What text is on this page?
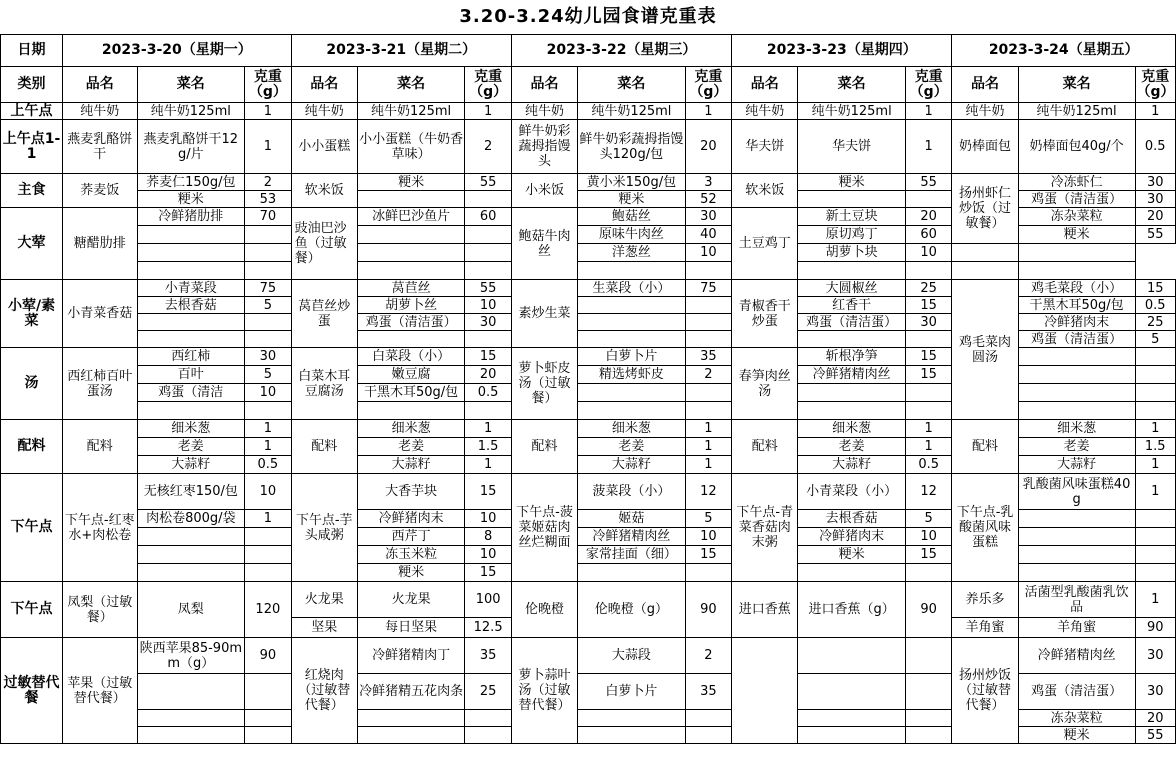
3.20-3.24幼儿园食谱克重表
日期	2023-3-20（星期一）			2023-3-21（星期二）			2023-3-22（星期三）			2023-3-23（星期四）			2023-3-24（星期五）		
类别	品名	菜名	克重（g）	品名	菜名	克重（g）	品名	菜名	克重（g）	品名	菜名	克重（g）	品名	菜名	克重（g）
上午点	纯牛奶	纯牛奶125ml	1	纯牛奶	纯牛奶125ml	1	纯牛奶	纯牛奶125ml	1	纯牛奶	纯牛奶125ml	1	纯牛奶	纯牛奶125ml	1
上午点1-1	燕麦乳酪饼干	燕麦乳酪饼干12g/片	1	小小蛋糕	小小蛋糕（牛奶香草味）	2	鲜牛奶彩蔬拇指馒头	鲜牛奶彩蔬拇指馒头120g/包	20	华夫饼	华夫饼	1	奶棒面包	奶棒面包40g/个	0.5
主食	荞麦饭	荞麦仁150g/包	2	软米饭	粳米	55	小米饭	黄小米150g/包	3	软米饭	粳米	55	扬州虾仁炒饭（过敏餐）	冷冻虾仁	30
		粳米	53					粳米	52					鸡蛋（清洁蛋）	30
大荤	糖醋肋排	冷鲜猪肋排	70	豉油巴沙鱼（过敏餐）	冰鲜巴沙鱼片	60	鲍菇牛肉丝	鲍菇丝	30	土豆鸡丁	新土豆块	20		冻杂菜粒	20
								原味牛肉丝	40		原切鸡丁	60		粳米	55
								洋葱丝	10		胡萝卜块	10			

小荤/素菜	小青菜香菇	小青菜段	75	莴苣丝炒蛋	莴苣丝	55	素炒生菜	生菜段（小）	75	青椒香干炒蛋	大圆椒丝	25	鸡毛菜肉圆汤	鸡毛菜段（小）	15
		去根香菇	5		胡萝卜丝	10					红香干	15		干黑木耳50g/包	0.5
					鸡蛋（清洁蛋）	30					鸡蛋（清洁蛋）	30		冷鲜猪肉末	25
														鸡蛋（清洁蛋）	5
汤	西红柿百叶蛋汤	西红柿	30	白菜木耳豆腐汤	白菜段（小）	15	萝卜虾皮汤（过敏餐）	白萝卜片	35	春笋肉丝汤	斩根净笋	15			
		百叶	5		嫩豆腐	20		精选烤虾皮	2		冷鲜猪精肉丝	15			
		鸡蛋（清洁	10		干黑木耳50g/包	0.5									

配料	配料	细米葱	1	配料	细米葱	1	配料	细米葱	1	配料	细米葱	1	配料	细米葱	1
		老姜	1		老姜	1.5		老姜	1		老姜	1		老姜	1.5
		大蒜籽	0.5		大蒜籽	1		大蒜籽	1		大蒜籽	0.5		大蒜籽	1
下午点	下午点-红枣水+肉松卷	无核红枣150/包	10	下午点-芋头咸粥	大香芋块	15	下午点-菠菜姬菇肉丝烂糊面	菠菜段（小）	12	下午点-青菜香菇肉末粥	小青菜段（小）	12	下午点-乳酸菌风味蛋糕	乳酸菌风味蛋糕40g	1
		肉松卷800g/袋	1		冷鲜猪肉末	10		姬菇	5		去根香菇	5			
					西芹丁	8		冷鲜猪精肉丝	10		冷鲜猪肉末	10			
					冻玉米粒	10		家常挂面（细）	15		粳米	15			
					粳米	15									
下午点	凤梨（过敏餐）	凤梨	120	火龙果	火龙果	100	伦晚橙	伦晚橙（g）	90	进口香蕉	进口香蕉（g）	90	养乐多	活菌型乳酸菌乳饮品	1
				坚果	每日坚果	12.5							羊角蜜	羊角蜜	90
过敏替代餐	苹果（过敏替代餐）	陕西苹果85-90mm（g）	90	红烧肉（过敏替代餐）	冷鲜猪精肉丁	35	萝卜蒜叶汤（过敏替代餐）	大蒜段	2				扬州炒饭（过敏替代餐）	冷鲜猪精肉丝	30
					冷鲜猪精五花肉条	25		白萝卜片	35					鸡蛋（清洁蛋）	30
														冻杂菜粒	20
														粳米	55
